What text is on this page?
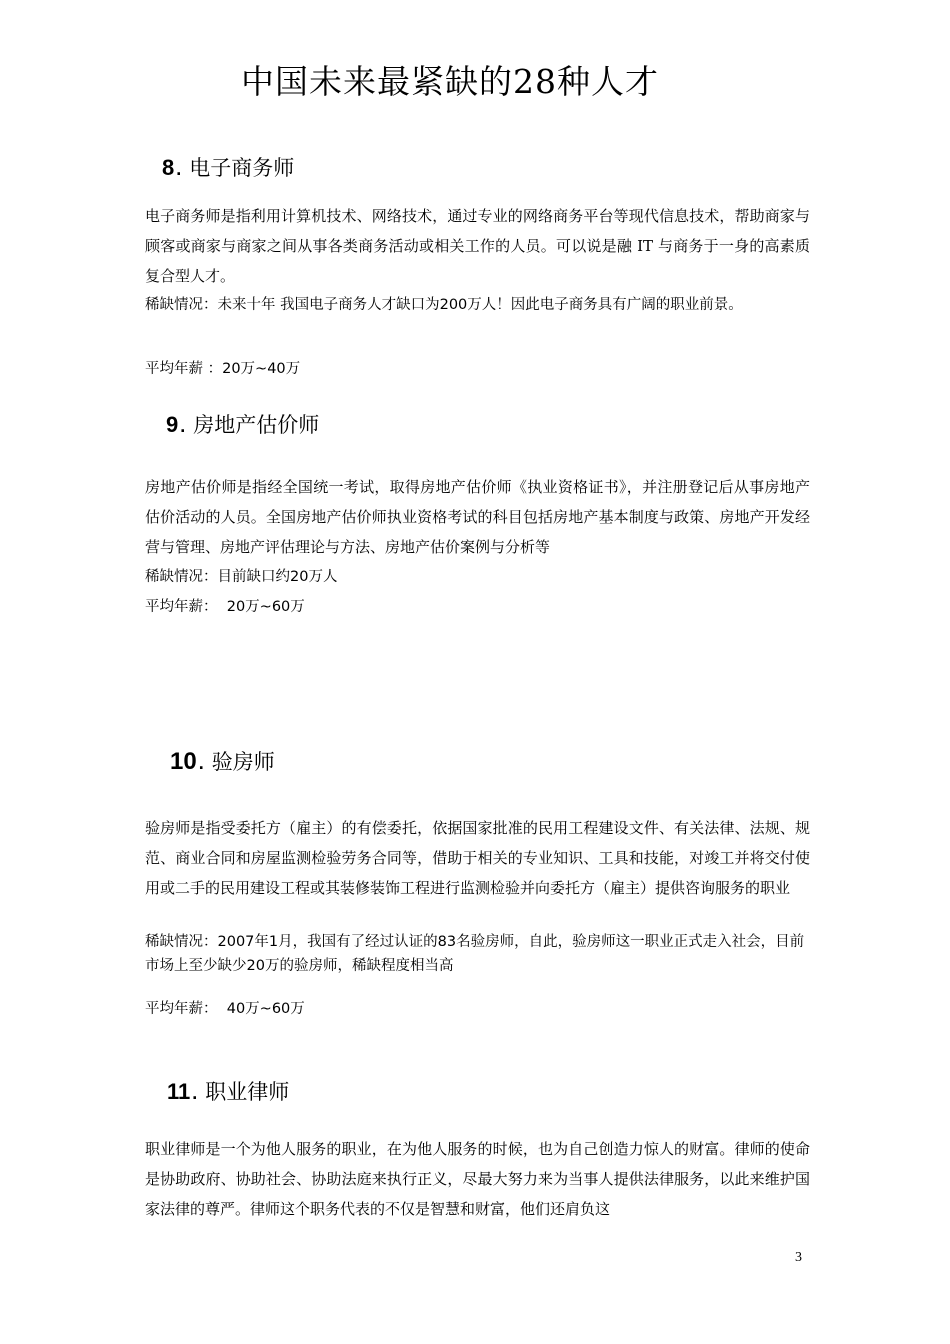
中国未来最紧缺的28种人才
8 . 电子商务师
电子商务师是指利用计算机技术、网络技术，通过专业的网络商务平台等现代信息技术，帮助商家与顾客或商家与商家之间从事各类商务活动或相关工作的人员。可以说是融 IT 与商务于一身的高素质复合型人才。
稀缺情况：未来十年 我国电子商务人才缺口为200万人！因此电子商务具有广阔的职业前景。
平均年薪 ：20万~40万
9 . 房地产估价师
房地产估价师是指经全国统一考试，取得房地产估价师《执业资格证书》，并注册登记后从事房地产估价活动的人员。全国房地产估价师执业资格考试的科目包括房地产基本制度与政策、房地产开发经营与管理、房地产评估理论与方法、房地产估价案例与分析等
稀缺情况：目前缺口约20万人
平均年薪：  20万~60万
10 . 验房师
验房师是指受委托方（雇主）的有偿委托，依据国家批准的民用工程建设文件、有关法律、法规、规范、商业合同和房屋监测检验劳务合同等，借助于相关的专业知识、工具和技能，对竣工并将交付使用或二手的民用建设工程或其装修装饰工程进行监测检验并向委托方（雇主）提供咨询服务的职业
稀缺情况：2007年1月，我国有了经过认证的83名验房师，自此，验房师这一职业正式走入社会，目前市场上至少缺少20万的验房师，稀缺程度相当高
平均年薪：  40万~60万
11 . 职业律师
职业律师是一个为他人服务的职业，在为他人服务的时候，也为自己创造力惊人的财富。律师的使命是协助政府、协助社会、协助法庭来执行正义，尽最大努力来为当事人提供法律服务，以此来维护国家法律的尊严。律师这个职务代表的不仅是智慧和财富，他们还肩负这
3
